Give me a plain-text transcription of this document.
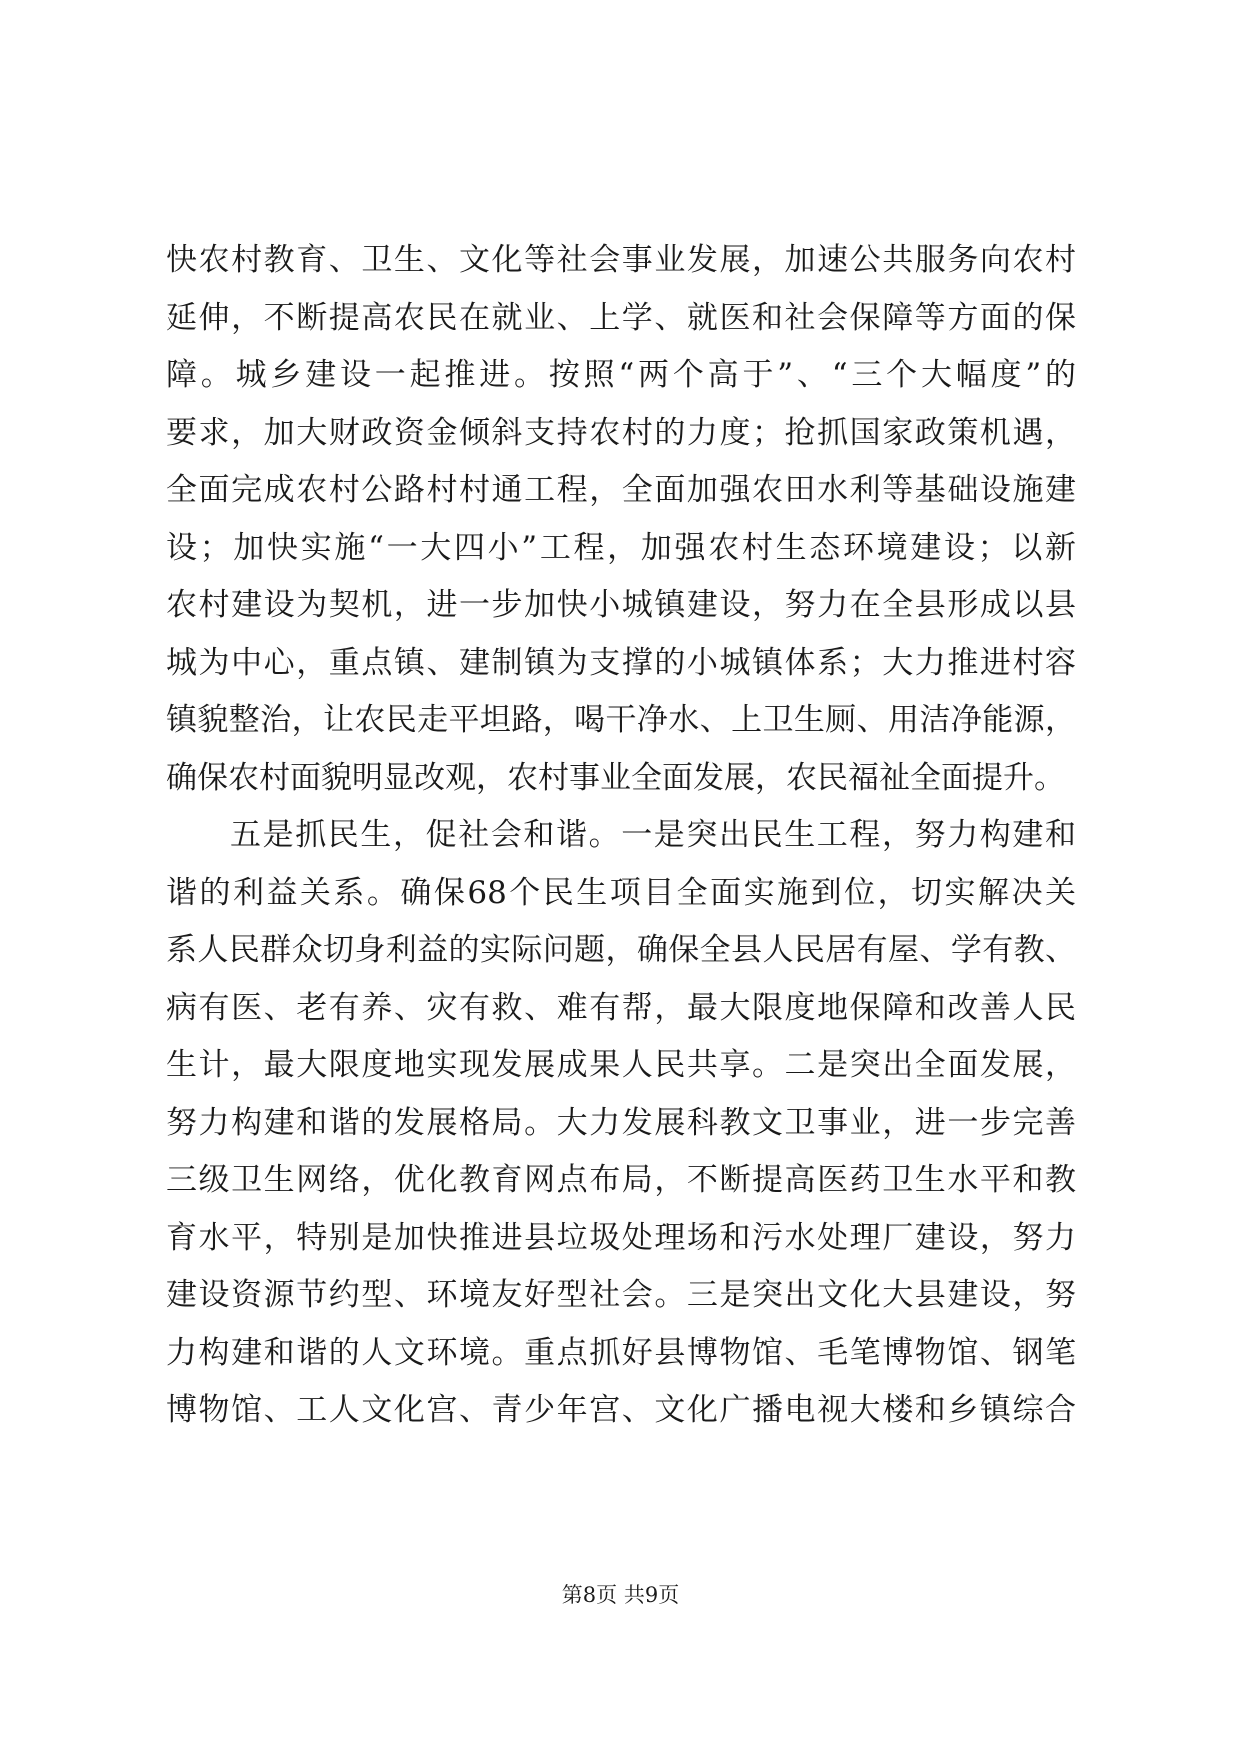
快农村教育、卫生、文化等社会事业发展，加速公共服务向农村
延伸，不断提高农民在就业、上学、就医和社会保障等方面的保
障。城乡建设一起推进。按照“两个高于”、“三个大幅度”的
要求，加大财政资金倾斜支持农村的力度；抢抓国家政策机遇，
全面完成农村公路村村通工程，全面加强农田水利等基础设施建
设；加快实施“一大四小”工程，加强农村生态环境建设；以新
农村建设为契机，进一步加快小城镇建设，努力在全县形成以县
城为中心，重点镇、建制镇为支撑的小城镇体系；大力推进村容
镇貌整治，让农民走平坦路，喝干净水、上卫生厕、用洁净能源，
确保农村面貌明显改观，农村事业全面发展，农民福祉全面提升。
五是抓民生，促社会和谐。一是突出民生工程，努力构建和
谐的利益关系。确保68个民生项目全面实施到位，切实解决关
系人民群众切身利益的实际问题，确保全县人民居有屋、学有教、
病有医、老有养、灾有救、难有帮，最大限度地保障和改善人民
生计，最大限度地实现发展成果人民共享。二是突出全面发展，
努力构建和谐的发展格局。大力发展科教文卫事业，进一步完善
三级卫生网络，优化教育网点布局，不断提高医药卫生水平和教
育水平，特别是加快推进县垃圾处理场和污水处理厂建设，努力
建设资源节约型、环境友好型社会。三是突出文化大县建设，努
力构建和谐的人文环境。重点抓好县博物馆、毛笔博物馆、钢笔
博物馆、工人文化宫、青少年宫、文化广播电视大楼和乡镇综合
第8页 共9页
